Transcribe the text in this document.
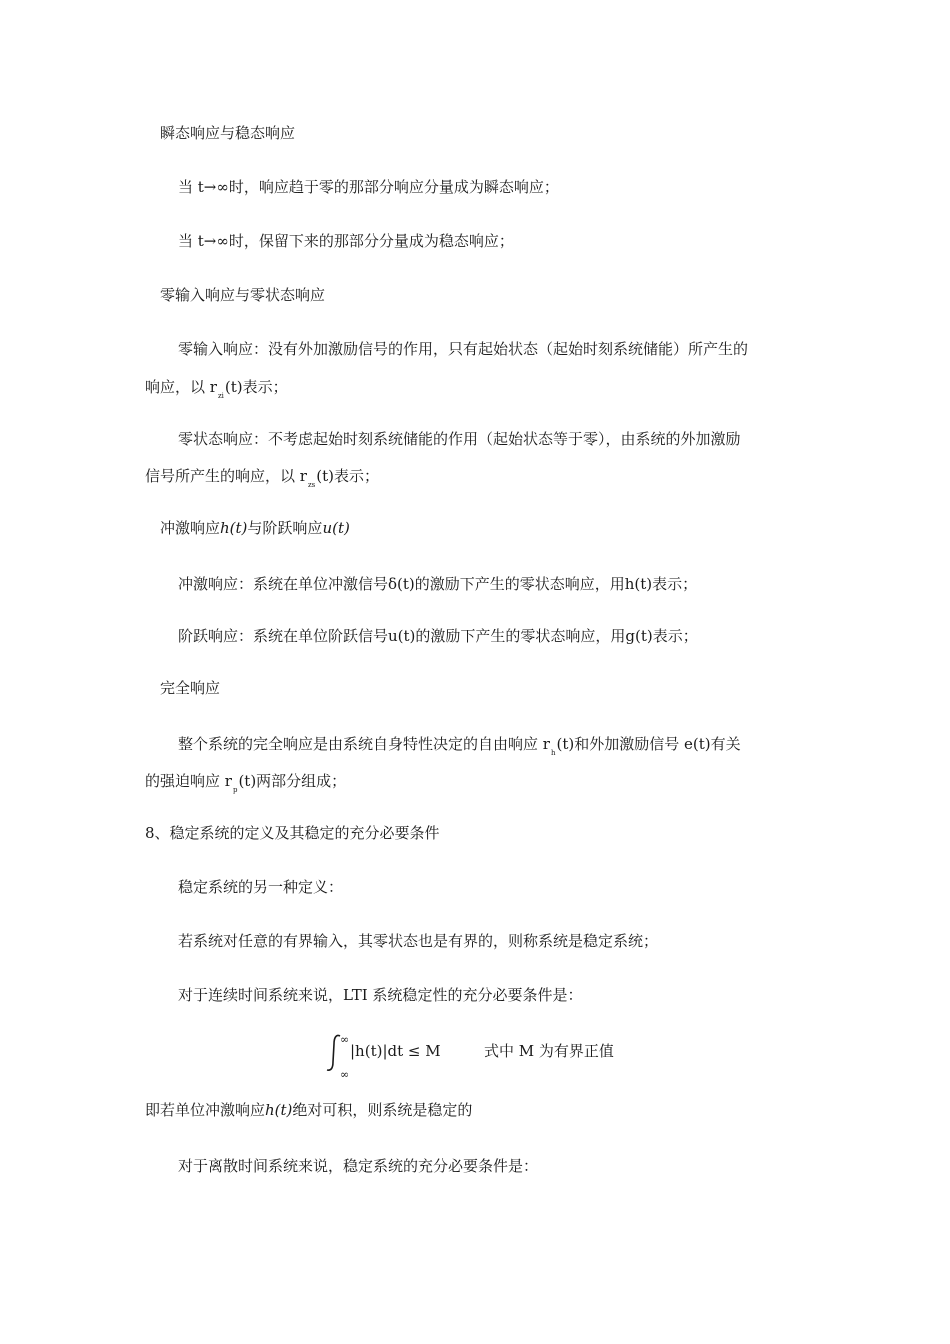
瞬态响应与稳态响应
当 t→∞时，响应趋于零的那部分响应分量成为瞬态响应；
当 t→∞时，保留下来的那部分分量成为稳态响应；
零输入响应与零状态响应
零输入响应：没有外加激励信号的作用，只有起始状态（起始时刻系统储能）所产生的
响应，以 $r_{zi}(t)$表示；
零状态响应：不考虑起始时刻系统储能的作用（起始状态等于零），由系统的外加激励
信号所产生的响应，以 $r_{zs}(t)$表示；
冲激响应h(t)与阶跃响应u(t)
冲激响应：系统在单位冲激信号δ(t)的激励下产生的零状态响应，用h(t)表示；
阶跃响应：系统在单位阶跃信号u(t)的激励下产生的零状态响应，用g(t)表示；
完全响应
整个系统的完全响应是由系统自身特性决定的自由响应 $r_h(t)$和外加激励信号 e(t)有关
的强迫响应 $r_p(t)$两部分组成；
8、稳定系统的定义及其稳定的充分必要条件
稳定系统的另一种定义：
若系统对任意的有界输入，其零状态也是有界的，则称系统是稳定系统；
对于连续时间系统来说，LTI 系统稳定性的充分必要条件是：
∞
∞
|h(t)|dt ≤ M	式中 M 为有界正值
即若单位冲激响应h(t)绝对可积，则系统是稳定的
对于离散时间系统来说，稳定系统的充分必要条件是：
